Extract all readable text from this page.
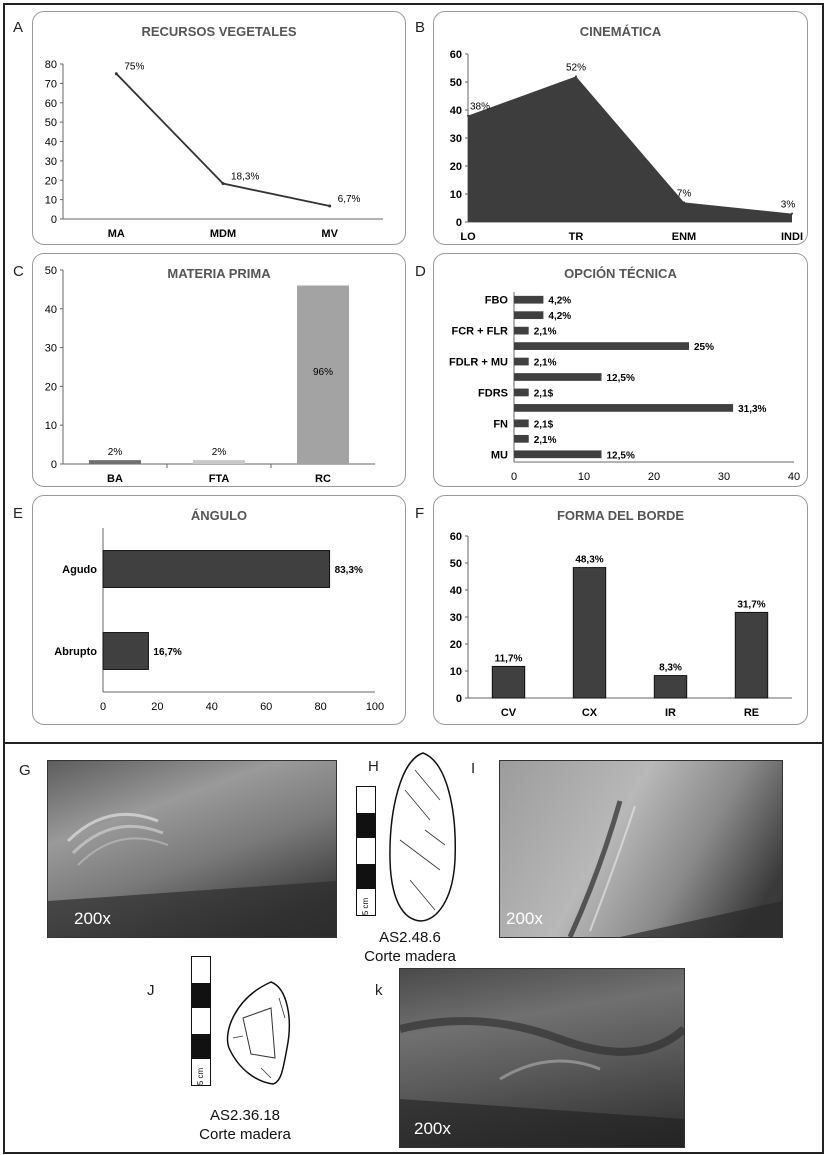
A	RECURSOS VEGETALES
0
10
20
30
40
50
60
70
80
MA	MDM	MV
75%
18,3%
6,7%
B	CINEMÁTICA
0
10
20
30
40
50
60
LO	TR	ENM	INDI
38%
52%
7%
3%
C	MATERIA PRIMA
0
10
20
30
40
50
BA	FTA	RC
2%	2%
96%
D	OPCIÓN TÉCNICA
0	10	20	30	40
4,2%
FBO
4,2%
2,1%
FCR + FLR
25%
2,1%
FDLR + MU
12,5%
2,1$
FDRS
31,3%
2,1$
FN
2,1%
12,5%
MU
E	ÁNGULO
0	20	40	60	80	100
83,3%
Agudo
16,7%
Abrupto
F	FORMA DEL BORDE
0
10
20
30
40
50
60
CV	CX	IR	RE
11,7%
48,3%
8,3%
31,7%
G
200x
H
5 cm
AS2.48.6
Corte madera
I
200x
J
5 cm
AS2.36.18
Corte madera
k
200x
